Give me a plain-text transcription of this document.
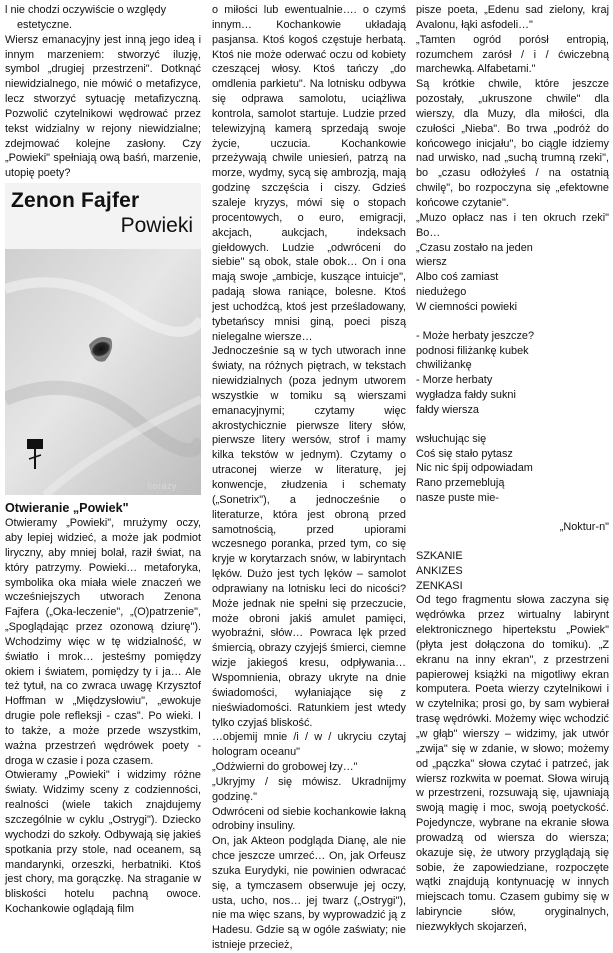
l nie chodzi oczywiście o względy

estetyczne.

Wiersz emanacyjny jest inną jego ideą i innym marzeniem: stworzyć iluzję, symbol „drugiej przestrzeni". Dotknąć niewidzialnego, nie mówić o metafizyce, lecz stworzyć sytuację metafizyczną. Pozwolić czytelnikowi wędrować przez tekst widzialny w rejony niewidzialne; zdejmować kolejne zasłony. Czy „Powieki" spełniają ową baśń, marzenie, utopię poety?

Zenon Fajfer
Powieki
liorazy
Otwieranie „Powiek"

Otwieramy „Powieki", mrużymy oczy, aby lepiej widzieć, a może jak podmiot liryczny, aby mniej bolał, raził świat, na który patrzymy. Powieki… metaforyka, symbolika oka miała wiele znaczeń we wcześniejszych utworach Zenona Fajfera („Oka-leczenie", „(O)patrzenie", „Spoglądając przez ozonową dziurę"). Wchodzimy więc w tę widzialność, w światło i mrok… jesteśmy pomiędzy okiem i światem, pomiędzy ty i ja… Ale też tytuł, na co zwraca uwagę Krzysztof Hoffman w „Międzysłowiu", „ewokuje drugie pole refleksji - czas". Po wieki. I to także, a może przede wszystkim, ważna przestrzeń wędrówek poety - droga w czasie i poza czasem.

Otwieramy „Powieki" i widzimy różne światy. Widzimy sceny z codzienności, realności (wiele takich znajdujemy szczególnie w cyklu „Ostrygi"). Dziecko wychodzi do szkoły. Odbywają się jakieś spotkania przy stole, nad oceanem, są mandarynki, orzeszki, herbatniki. Ktoś jest chory, ma gorączkę. Na straganie w bliskości hotelu pachną owoce. Kochankowie oglądają film

o miłości lub ewentualnie…. o czymś innym… Kochankowie układają pasjansa. Ktoś kogoś częstuje herbatą. Ktoś nie może oderwać oczu od kobiety czeszącej włosy. Ktoś tańczy „do omdlenia parkietu". Na lotnisku odbywa się odprawa samolotu, uciążliwa kontrola, samolot startuje. Ludzie przed telewizyjną kamerą sprzedają swoje życie, uczucia. Kochankowie przeżywają chwile uniesień, patrzą na morze, wydmy, sycą się ambrozją, mają godzinę szczęścia i ciszy. Gdzieś szaleje kryzys, mówi się o stopach procentowych, o euro, emigracji, akcjach, aukcjach, indeksach giełdowych. Ludzie „odwróceni do siebie" są obok, stale obok… On i ona mają swoje „ambicje, kuszące intuicje", padają słowa raniące, bolesne. Ktoś jest uchodźcą, ktoś jest prześladowany, tybetańscy mnisi giną, poeci piszą nielegalne wiersze…

Jednocześnie są w tych utworach inne światy, na różnych piętrach, w tekstach niewidzialnych (poza jednym utworem wszystkie w tomiku są wierszami emanacyjnymi; czytamy więc akrostychicznie pierwsze litery słów, pierwsze litery wersów, strof i mamy kilka tekstów w jednym). Czytamy o utraconej wierze w literaturę, jej konwencje, złudzenia i schematy („Sonetrix"), a jednocześnie o literaturze, która jest obroną przed samotnością, przed upiorami wczesnego poranka, przed tym, co się kryje w korytarzach snów, w labiryntach lęków. Dużo jest tych lęków – samolot odprawiany na lotnisku leci do nicości? Może jednak nie spełni się przeczucie, może obroni jakiś amulet pamięci, wyobraźni, słów… Powraca lęk przed śmiercią, obrazy czyjejś śmierci, ciemne wizje jakiegoś kresu, odpływania… Wspomnienia, obrazy ukryte na dnie świadomości, wyłaniające się z nieświadomości. Ratunkiem jest wtedy tylko czyjaś bliskość.

…objemij mnie /i / w / ukryciu czytaj hologram oceanu"

„Odżwierni do grobowej łzy…"

„Ukryjmy / się mówisz. Ukradnijmy godzinę."

Odwróceni od siebie kochankowie łakną odrobiny insuliny.

On, jak Akteon podgląda Dianę, ale nie chce jeszcze umrzeć… On, jak Orfeusz szuka Eurydyki, nie powinien odwracać się, a tymczasem obserwuje jej oczy, usta, ucho, nos… jej twarz („Ostrygi"), nie ma więc szans, by wyprowadzić ją z Hadesu. Gdzie są w ogóle zaświaty; nie istnieje przecież,

pisze poeta, „Edenu sad zielony, kraj Avalonu, łąki asfodeli…"

„Tamten ogród porósł entropią, rozumchem zarósł / i / ćwiczebną marchewką. Alfabetami."

Są krótkie chwile, które jeszcze pozostały, „ukruszone chwile" dla wierszy, dla Muzy, dla miłości, dla czułości „Nieba". Bo trwa „podróż do końcowego inicjału", bo ciągle idziemy nad urwisko, nad „suchą trumną rzeki", bo „czasu odłożyłeś / na ostatnią chwilę", bo rozpoczyna się „efektowne końcowe czytanie".

„Muzo opłacz nas i ten okruch rzeki" Bo…

„Czasu zostało na jeden

wiersz

Albo coś zamiast

niedużego

W ciemności powieki

- Może herbaty jeszcze?

podnosi filiżankę kubek

chwiliżankę

- Morze herbaty

wygładza fałdy sukni

fałdy wiersza

wsłuchując się

Coś się stało pytasz

Nic nic śpij odpowiadam

Rano przemeblują

nasze puste mie-

„Noktur-n"

SZKANIE

ANKIZES

ZENKASI

Od tego fragmentu słowa zaczyna się wędrówka przez wirtualny labirynt elektronicznego hipertekstu „Powiek" (płyta jest dołączona do tomiku). „Z ekranu na inny ekran", z przestrzeni papierowej książki na migotliwy ekran komputera. Poeta wierzy czytelnikowi i w czytelnika; prosi go, by sam wybierał trasę wędrówki. Możemy więc wchodzić „w głąb" wierszy – widzimy, jak utwór „zwija" się w zdanie, w słowo; możemy od „pączka" słowa czytać i patrzeć, jak wiersz rozkwita w poemat. Słowa wirują w przestrzeni, rozsuwają się, ujawniają swoją magię i moc, swoją poetyckość. Pojedyncze, wybrane na ekranie słowa prowadzą od wiersza do wiersza; okazuje się, że utwory przyglądają się sobie, że zapowiedziane, rozpoczęte wątki znajdują kontynuację w innych miejscach tomu. Czasem gubimy się w labiryncie słów, oryginalnych, niezwykłych skojarzeń,
